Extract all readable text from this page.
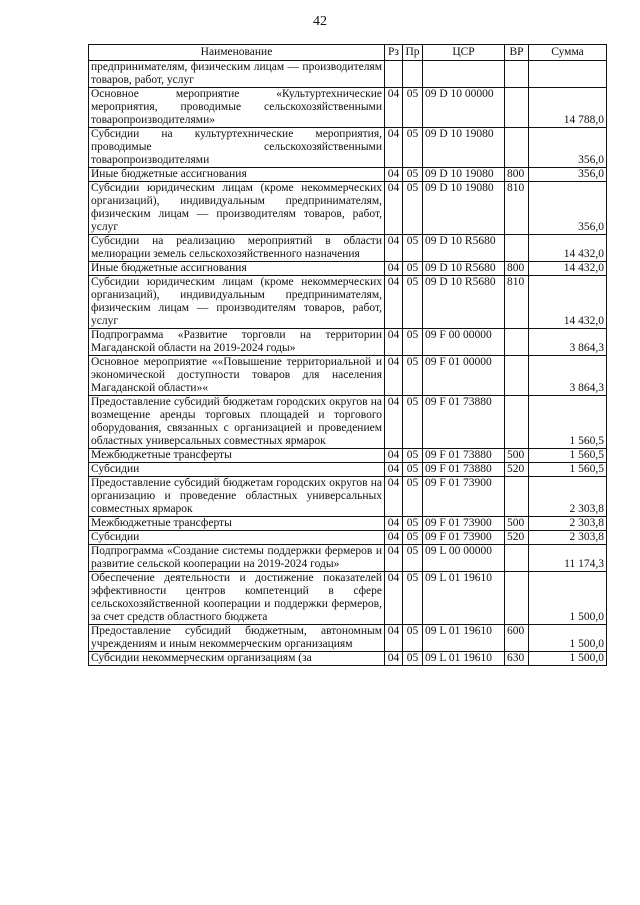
42
Наименование	Рз	Пр	ЦСР	ВР	Сумма
предпринимателям, физическим лицам — производителям товаров, работ, услуг					
Основное мероприятие «Культуртехнические мероприятия, проводимые сельскохозяйственными товаропроизводителями»	04	05	09 D 10 00000		14 788,0
Субсидии на культуртехнические мероприятия, проводимые сельскохозяйственными товаропроизводителями	04	05	09 D 10 19080		356,0
Иные бюджетные ассигнования	04	05	09 D 10 19080	800	356,0
Субсидии юридическим лицам (кроме некоммерческих организаций), индивидуальным предпринимателям, физическим лицам — производителям товаров, работ, услуг	04	05	09 D 10 19080	810	356,0
Субсидии на реализацию мероприятий в области мелиорации земель сельскохозяйственного назначения	04	05	09 D 10 R5680		14 432,0
Иные бюджетные ассигнования	04	05	09 D 10 R5680	800	14 432,0
Субсидии юридическим лицам (кроме некоммерческих организаций), индивидуальным предпринимателям, физическим лицам — производителям товаров, работ, услуг	04	05	09 D 10 R5680	810	14 432,0
Подпрограмма «Развитие торговли на территории Магаданской области на 2019-2024 годы»	04	05	09 F 00 00000		3 864,3
Основное мероприятие ««Повышение территориальной и экономической доступности товаров для населения Магаданской области»«	04	05	09 F 01 00000		3 864,3
Предоставление субсидий бюджетам городских округов на возмещение аренды торговых площадей и торгового оборудования, связанных с организацией и проведением областных универсальных совместных ярмарок	04	05	09 F 01 73880		1 560,5
Межбюджетные трансферты	04	05	09 F 01 73880	500	1 560,5
Субсидии	04	05	09 F 01 73880	520	1 560,5
Предоставление субсидий бюджетам городских округов на организацию и проведение областных универсальных совместных ярмарок	04	05	09 F 01 73900		2 303,8
Межбюджетные трансферты	04	05	09 F 01 73900	500	2 303,8
Субсидии	04	05	09 F 01 73900	520	2 303,8
Подпрограмма «Создание системы поддержки фермеров и развитие сельской кооперации на 2019-2024 годы»	04	05	09 L 00 00000		11 174,3
Обеспечение деятельности и достижение показателей эффективности центров компетенций в сфере сельскохозяйственной кооперации и поддержки фермеров, за счет средств областного бюджета	04	05	09 L 01 19610		1 500,0
Предоставление субсидий бюджетным, автономным учреждениям и иным некоммерческим организациям	04	05	09 L 01 19610	600	1 500,0
Субсидии некоммерческим организациям (за	04	05	09 L 01 19610	630	1 500,0
